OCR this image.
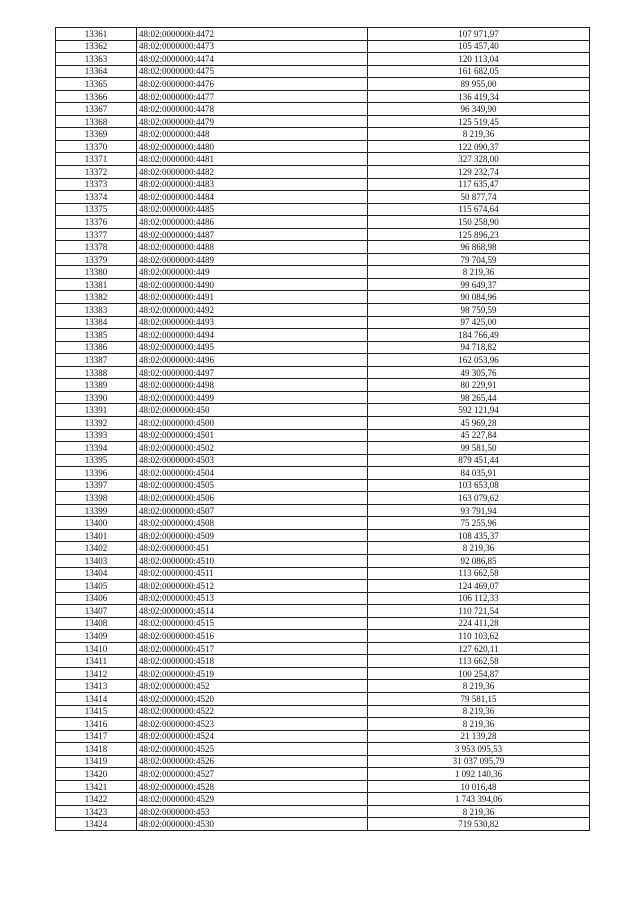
13361	48:02:0000000:4472	107 971,97
13362	48:02:0000000:4473	105 457,40
13363	48:02:0000000:4474	120 113,04
13364	48:02:0000000:4475	161 682,05
13365	48:02:0000000:4476	89 955,00
13366	48:02:0000000:4477	136 419,34
13367	48:02:0000000:4478	96 349,90
13368	48:02:0000000:4479	125 519,45
13369	48:02:0000000:448	8 219,36
13370	48:02:0000000:4480	122 090,37
13371	48:02:0000000:4481	327 328,00
13372	48:02:0000000:4482	129 232,74
13373	48:02:0000000:4483	117 635,47
13374	48:02:0000000:4484	50 877,74
13375	48:02:0000000:4485	115 674,64
13376	48:02:0000000:4486	150 258,90
13377	48:02:0000000:4487	125 896,23
13378	48:02:0000000:4488	96 868,98
13379	48:02:0000000:4489	79 704,59
13380	48:02:0000000:449	8 219,36
13381	48:02:0000000:4490	99 649,37
13382	48:02:0000000:4491	90 084,96
13383	48:02:0000000:4492	98 759,59
13384	48:02:0000000:4493	97 425,00
13385	48:02:0000000:4494	184 766,49
13386	48:02:0000000:4495	94 718,82
13387	48:02:0000000:4496	162 053,96
13388	48:02:0000000:4497	49 305,76
13389	48:02:0000000:4498	80 229,91
13390	48:02:0000000:4499	98 265,44
13391	48:02:0000000:450	592 121,94
13392	48:02:0000000:4500	45 969,28
13393	48:02:0000000:4501	45 227,84
13394	48:02:0000000:4502	99 581,50
13395	48:02:0000000:4503	879 451,44
13396	48:02:0000000:4504	84 035,91
13397	48:02:0000000:4505	103 653,08
13398	48:02:0000000:4506	163 079,62
13399	48:02:0000000:4507	93 791,94
13400	48:02:0000000:4508	75 255,96
13401	48:02:0000000:4509	108 435,37
13402	48:02:0000000:451	8 219,36
13403	48:02:0000000:4510	92 086,85
13404	48:02:0000000:4511	113 662,58
13405	48:02:0000000:4512	124 469,07
13406	48:02:0000000:4513	106 112,33
13407	48:02:0000000:4514	110 721,54
13408	48:02:0000000:4515	224 411,28
13409	48:02:0000000:4516	110 103,62
13410	48:02:0000000:4517	127 620,11
13411	48:02:0000000:4518	113 662,58
13412	48:02:0000000:4519	100 254,87
13413	48:02:0000000:452	8 219,36
13414	48:02:0000000:4520	79 581,15
13415	48:02:0000000:4522	8 219,36
13416	48:02:0000000:4523	8 219,36
13417	48:02:0000000:4524	21 139,28
13418	48:02:0000000:4525	3 953 095,53
13419	48:02:0000000:4526	31 037 095,79
13420	48:02:0000000:4527	1 092 140,36
13421	48:02:0000000:4528	10 016,48
13422	48:02:0000000:4529	1 743 394,06
13423	48:02:0000000:453	8 219,36
13424	48:02:0000000:4530	719 530,82
